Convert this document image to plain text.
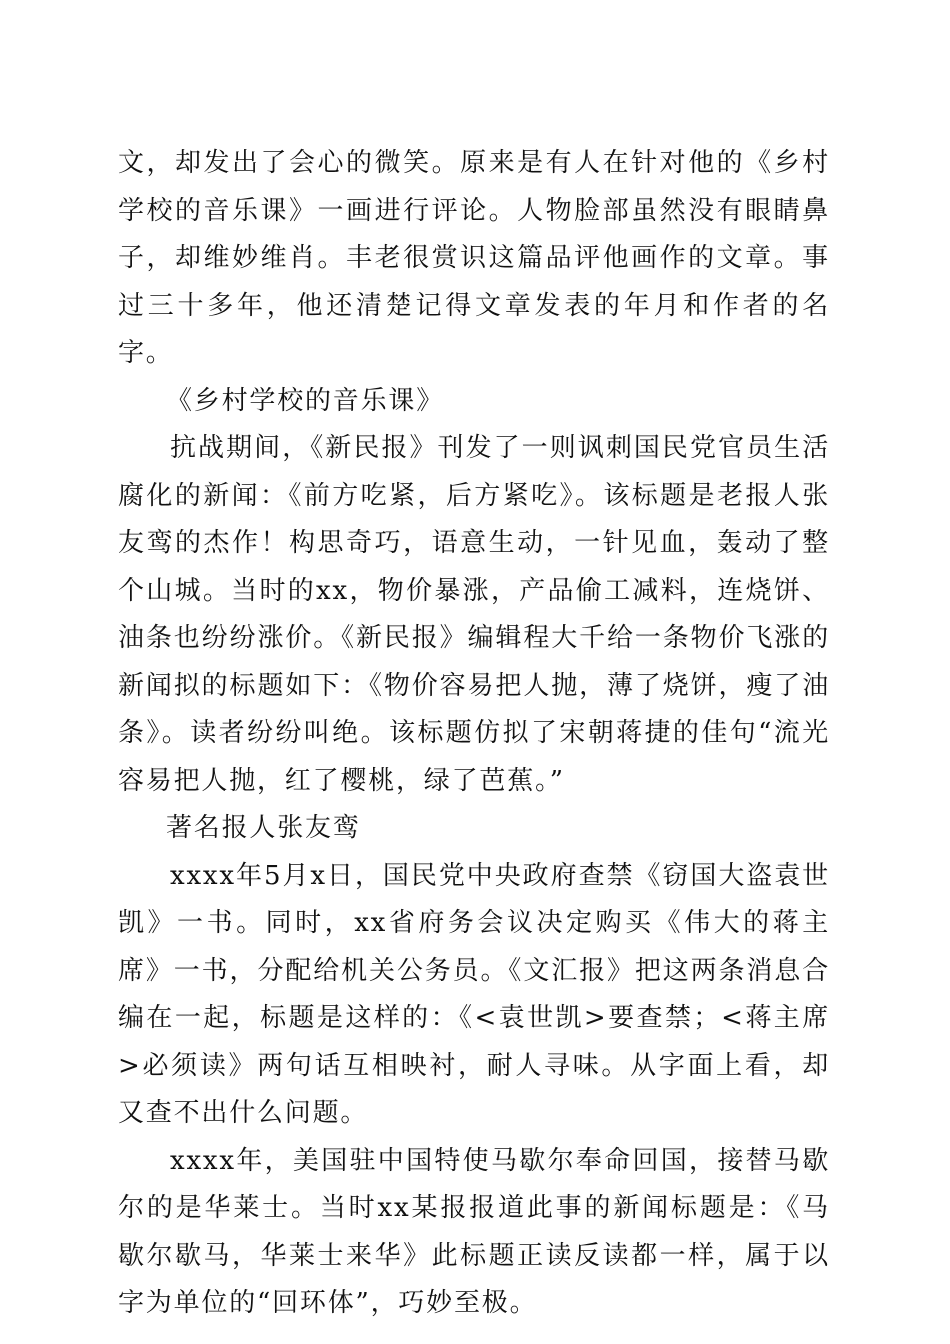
文，却发出了会心的微笑。原来是有人在针对他的《乡村学校的音乐课》一画进行评论。人物脸部虽然没有眼睛鼻子，却维妙维肖。丰老很赏识这篇品评他画作的文章。事过三十多年，他还清楚记得文章发表的年月和作者的名字。

《乡村学校的音乐课》

抗战期间，《新民报》刊发了一则讽刺国民党官员生活腐化的新闻：《前方吃紧，后方紧吃》。该标题是老报人张友鸾的杰作！构思奇巧，语意生动，一针见血，轰动了整个山城。当时的xx，物价暴涨，产品偷工减料，连烧饼、油条也纷纷涨价。《新民报》编辑程大千给一条物价飞涨的新闻拟的标题如下：《物价容易把人抛，薄了烧饼，瘦了油条》。读者纷纷叫绝。该标题仿拟了宋朝蒋捷的佳句“流光容易把人抛，红了樱桃，绿了芭蕉。”

著名报人张友鸾

xxxx年5月x日，国民党中央政府查禁《窃国大盗袁世凯》一书。同时，xx省府务会议决定购买《伟大的蒋主席》一书，分配给机关公务员。《文汇报》把这两条消息合编在一起，标题是这样的：《<袁世凯>要查禁；<蒋主席>必须读》两句话互相映衬，耐人寻味。从字面上看，却又查不出什么问题。

xxxx年，美国驻中国特使马歇尔奉命回国，接替马歇尔的是华莱士。当时xx某报报道此事的新闻标题是：《马歇尔歇马，华莱士来华》此标题正读反读都一样，属于以字为单位的“回环体”，巧妙至极。
